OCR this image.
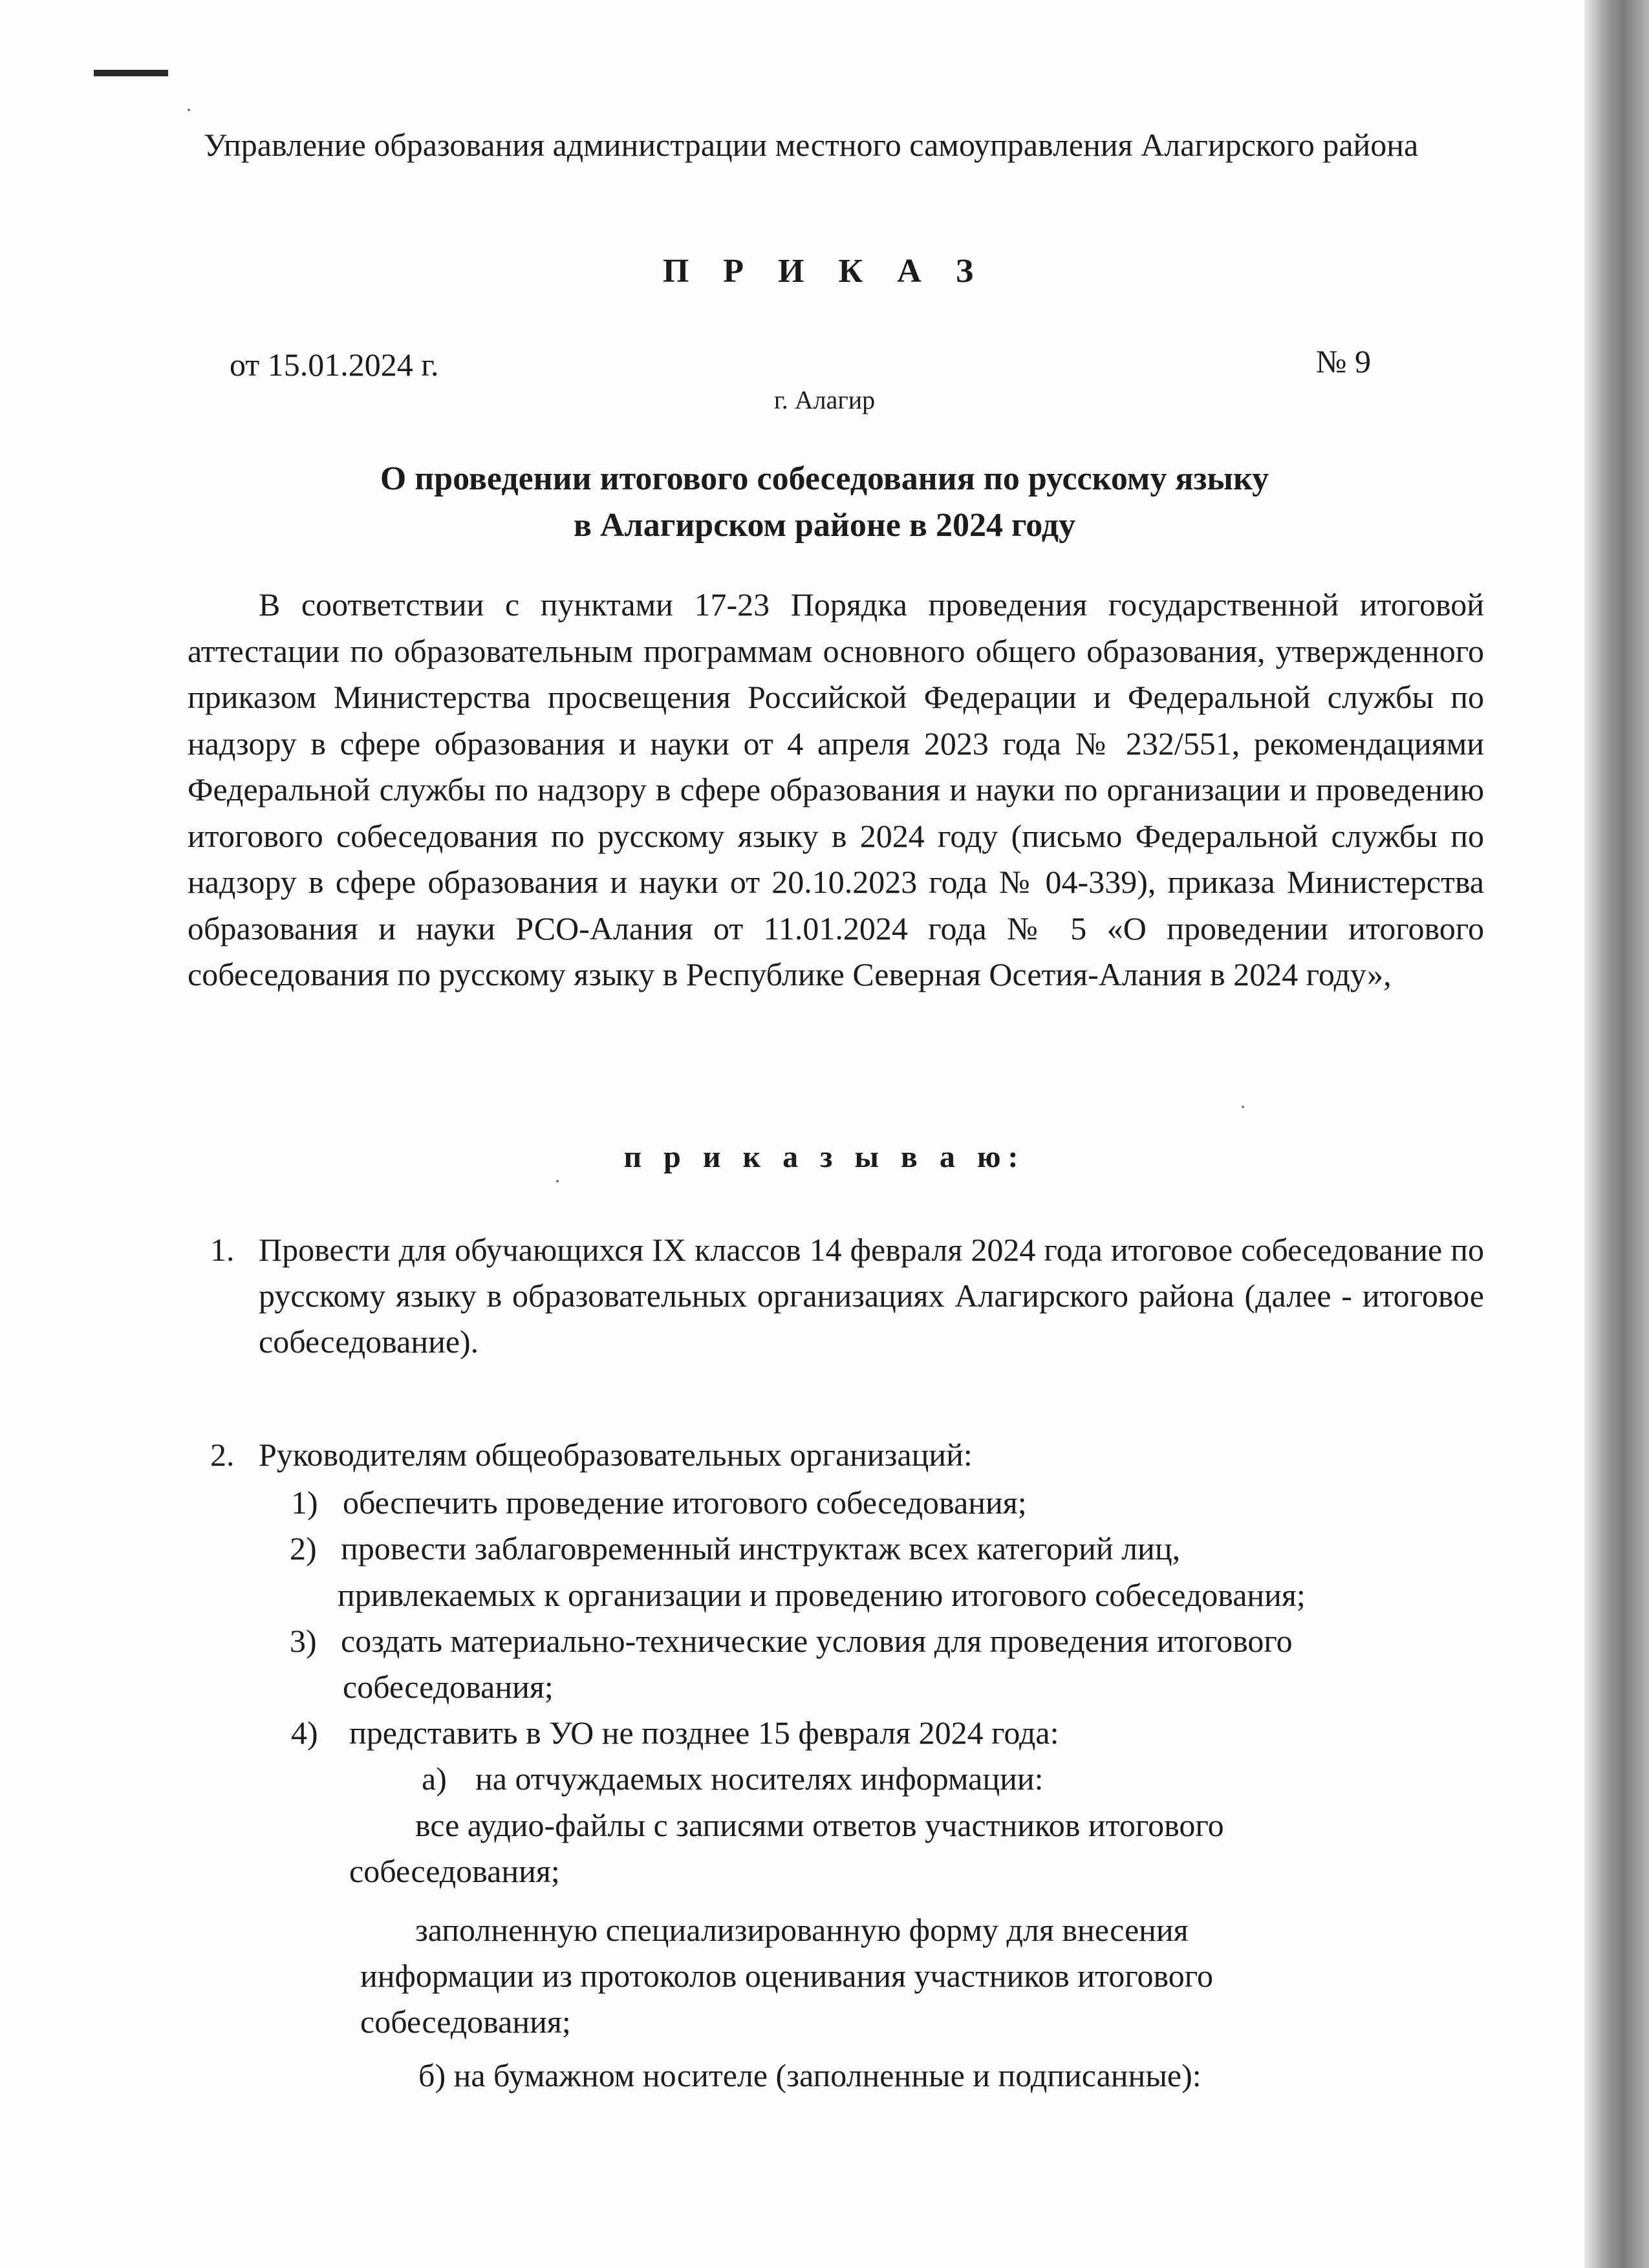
Управление образования администрации местного самоуправления Алагирского района
П Р И К А З
от 15.01.2024 г.	№ 9
г. Алагир
О проведении итогового собеседования по русскому языку
в Алагирском районе в 2024 году
В соответствии с пунктами 17-23 Порядка проведения государственной итоговой аттестации по образовательным программам основного общего образования, утвержденного приказом Министерства просвещения Российской Федерации и Федеральной службы по надзору в сфере образования и науки от 4 апреля 2023 года № 232/551, рекомендациями Федеральной службы по надзору в сфере образования и науки по организации и проведению итогового собеседования по русскому языку в 2024 году (письмо Федеральной службы по надзору в сфере образования и науки от 20.10.2023 года № 04-339), приказа Министерства образования и науки РСО-Алания от 11.01.2024 года № 5 «О проведении итогового собеседования по русскому языку в Республике Северная Осетия-Алания в 2024 году»,
п р и к а з ы в а ю:
1. Провести для обучающихся IX классов 14 февраля 2024 года итоговое собеседование по русскому языку в образовательных организациях Алагирского района (далее - итоговое собеседование).
2. Руководителям общеобразовательных организаций:
1) обеспечить проведение итогового собеседования;
2) провести заблаговременный инструктаж всех категорий лиц,
привлекаемых к организации и проведению итогового собеседования;
3) создать материально-технические условия для проведения итогового
собеседования;
4) представить в УО не позднее 15 февраля 2024 года:
а) на отчуждаемых носителях информации:
все аудио-файлы с записями ответов участников итогового
собеседования;
заполненную специализированную форму для внесения
информации из протоколов оценивания участников итогового
собеседования;
б) на бумажном носителе (заполненные и подписанные):
